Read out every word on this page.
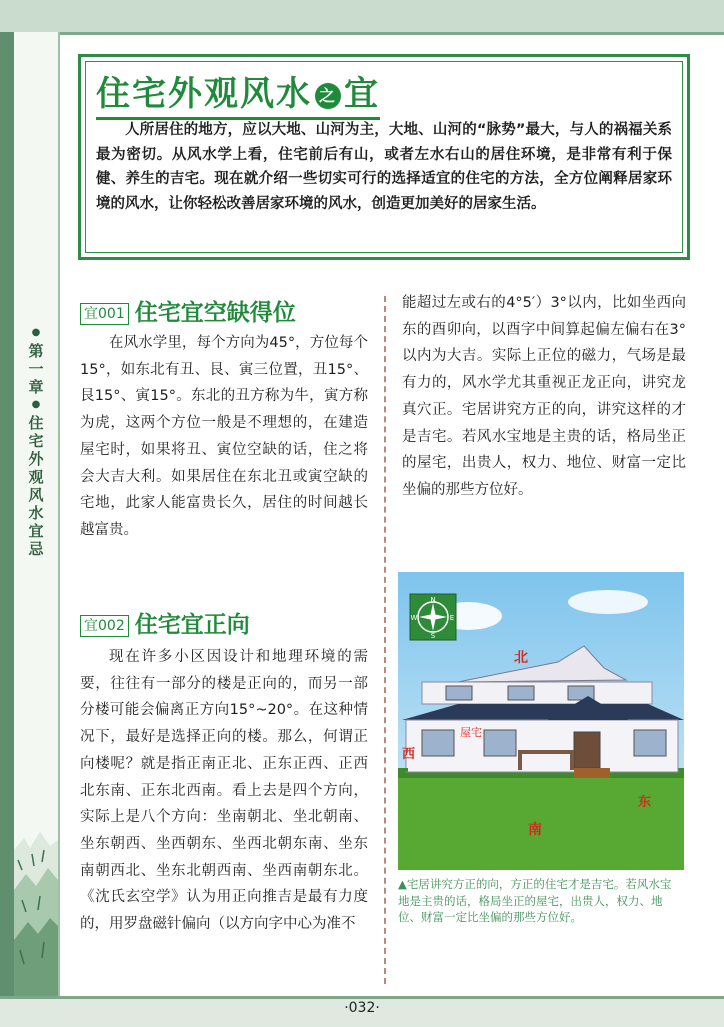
●
第
一
章
●
住
宅
外
观
风
水
宜
忌
住宅外观风水 之 宜
人所居住的地方，应以大地、山河为主，大地、山河的“脉势”最大，与人的祸福关系最为密切。从风水学上看，住宅前后有山，或者左水右山的居住环境，是非常有利于保健、养生的吉宅。现在就介绍一些切实可行的选择适宜的住宅的方法，全方位阐释居家环境的风水，让你轻松改善居家环境的风水，创造更加美好的居家生活。
宜001 住宅宜空缺得位
在风水学里，每个方向为45°，方位每个15°，如东北有丑、艮、寅三位置，丑15°、艮15°、寅15°。东北的丑方称为牛，寅方称为虎，这两个方位一般是不理想的，在建造屋宅时，如果将丑、寅位空缺的话，住之将会大吉大利。如果居住在东北丑或寅空缺的宅地，此家人能富贵长久，居住的时间越长越富贵。
宜002 住宅宜正向
现在许多小区因设计和地理环境的需要，往往有一部分的楼是正向的，而另一部分楼可能会偏离正方向15°~20°。在这种情况下，最好是选择正向的楼。那么，何谓正向楼呢？就是指正南正北、正东正西、正西北东南、正东北西南。看上去是四个方向，实际上是八个方向：坐南朝北、坐北朝南、坐东朝西、坐西朝东、坐西北朝东南、坐东南朝西北、坐东北朝西南、坐西南朝东北。《沈氏玄空学》认为用正向推吉是最有力度的，用罗盘磁针偏向（以方向字中心为准不
能超过左或右的4°5′）3°以内，比如坐西向东的酉卯向，以酉字中间算起偏左偏右在3°以内为大吉。实际上正位的磁力，气场是最有力的，风水学尤其重视正龙正向，讲究龙真穴正。宅居讲究方正的向，讲究这样的才是吉宅。若风水宝地是主贵的话，格局坐正的屋宅，出贵人，权力、地位、财富一定比坐偏的那些方位好。
N
S
E
W
北
屋宅
西
南
东
▲宅居讲究方正的向，方正的住宅才是吉宅。若风水宝地是主贵的话，格局坐正的屋宅，出贵人，权力、地位、财富一定比坐偏的那些方位好。
·032·
